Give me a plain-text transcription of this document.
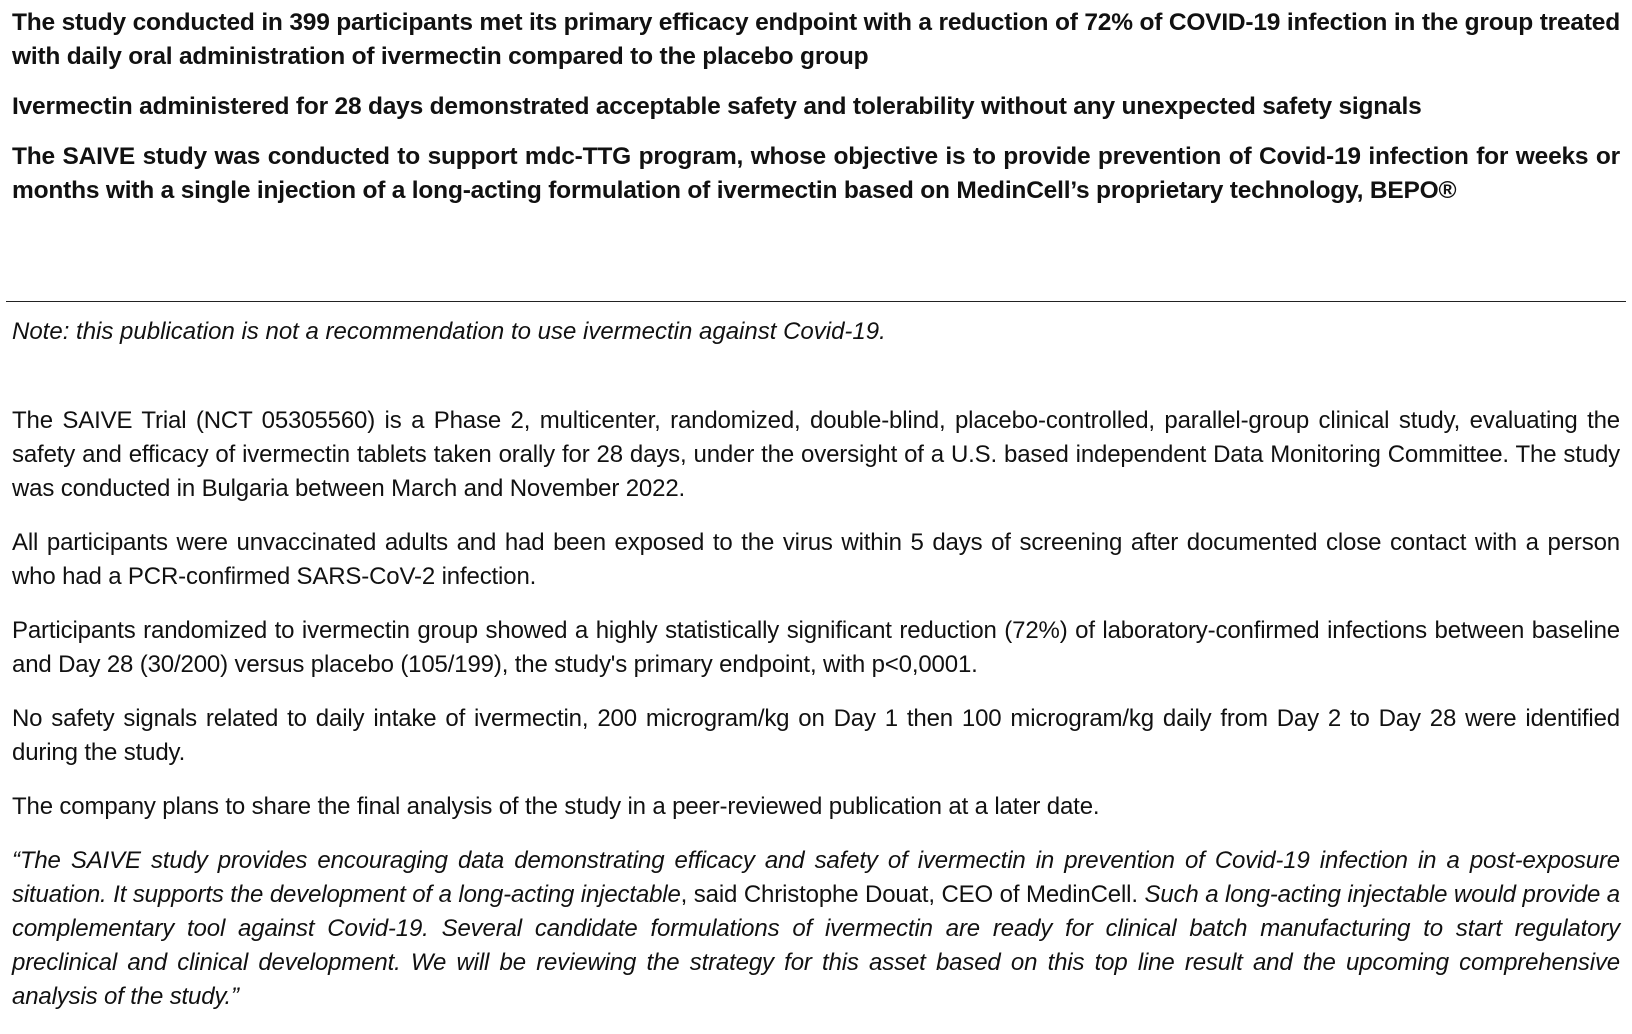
The study conducted in 399 participants met its primary efficacy endpoint with a reduction of 72% of COVID-19 infection in the group treated with daily oral administration of ivermectin compared to the placebo group

Ivermectin administered for 28 days demonstrated acceptable safety and tolerability without any unexpected safety signals

The SAIVE study was conducted to support mdc-TTG program, whose objective is to provide prevention of Covid-19 infection for weeks or months with a single injection of a long-acting formulation of ivermectin based on MedinCell’s proprietary technology, BEPO®

Note: this publication is not a recommendation to use ivermectin against Covid-19.

The SAIVE Trial (NCT 05305560) is a Phase 2, multicenter, randomized, double-blind, placebo-controlled, parallel-group clinical study, evaluating the safety and efficacy of ivermectin tablets taken orally for 28 days, under the oversight of a U.S. based independent Data Monitoring Committee. The study was conducted in Bulgaria between March and November 2022.

All participants were unvaccinated adults and had been exposed to the virus within 5 days of screening after documented close contact with a person who had a PCR-confirmed SARS-CoV-2 infection.

Participants randomized to ivermectin group showed a highly statistically significant reduction (72%) of laboratory-confirmed infections between baseline and Day 28 (30/200) versus placebo (105/199), the study's primary endpoint, with p<0,0001.

No safety signals related to daily intake of ivermectin, 200 microgram/kg on Day 1 then 100 microgram/kg daily from Day 2 to Day 28 were identified during the study.

The company plans to share the final analysis of the study in a peer-reviewed publication at a later date.

“The SAIVE study provides encouraging data demonstrating efficacy and safety of ivermectin in prevention of Covid-19 infection in a post-exposure situation. It supports the development of a long-acting injectable, said Christophe Douat, CEO of MedinCell. Such a long-acting injectable would provide a complementary tool against Covid-19. Several candidate formulations of ivermectin are ready for clinical batch manufacturing to start regulatory preclinical and clinical development. We will be reviewing the strategy for this asset based on this top line result and the upcoming comprehensive analysis of the study.”
